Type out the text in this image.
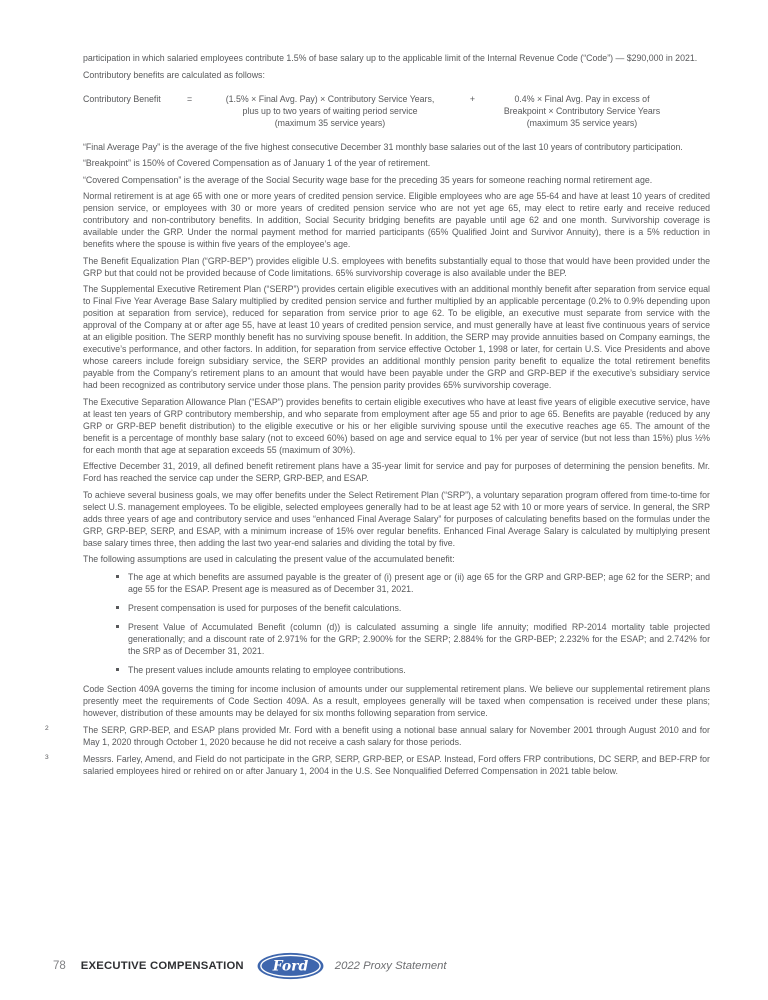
participation in which salaried employees contribute 1.5% of base salary up to the applicable limit of the Internal Revenue Code (“Code”) — $290,000 in 2021.

Contributory benefits are calculated as follows:

Contributory Benefit	=	(1.5% × Final Avg. Pay) × Contributory Service Years,
plus up to two years of waiting period service
(maximum 35 service years)
+	0.4% × Final Avg. Pay in excess of
Breakpoint × Contributory Service Years
(maximum 35 service years)

“Final Average Pay” is the average of the five highest consecutive December 31 monthly base salaries out of the last 10 years of contributory participation.

“Breakpoint” is 150% of Covered Compensation as of January 1 of the year of retirement.

“Covered Compensation” is the average of the Social Security wage base for the preceding 35 years for someone reaching normal retirement age.

Normal retirement is at age 65 with one or more years of credited pension service. Eligible employees who are age 55-64 and have at least 10 years of credited pension service, or employees with 30 or more years of credited pension service who are not yet age 65, may elect to retire early and receive reduced contributory and non-contributory benefits. In addition, Social Security bridging benefits are payable until age 62 and one month. Survivorship coverage is available under the GRP. Under the normal payment method for married participants (65% Qualified Joint and Survivor Annuity), there is a 5% reduction in benefits where the spouse is within five years of the employee’s age.

The Benefit Equalization Plan (“GRP-BEP”) provides eligible U.S. employees with benefits substantially equal to those that would have been provided under the GRP but that could not be provided because of Code limitations. 65% survivorship coverage is also available under the BEP.

The Supplemental Executive Retirement Plan (“SERP”) provides certain eligible executives with an additional monthly benefit after separation from service equal to Final Five Year Average Base Salary multiplied by credited pension service and further multiplied by an applicable percentage (0.2% to 0.9% depending upon position at separation from service), reduced for separation from service prior to age 62. To be eligible, an executive must separate from service with the approval of the Company at or after age 55, have at least 10 years of credited pension service, and must generally have at least five continuous years of service at an eligible position. The SERP monthly benefit has no surviving spouse benefit. In addition, the SERP may provide annuities based on Company earnings, the executive’s performance, and other factors. In addition, for separation from service effective October 1, 1998 or later, for certain U.S. Vice Presidents and above whose careers include foreign subsidiary service, the SERP provides an additional monthly pension parity benefit to equalize the total retirement benefits payable from the Company’s retirement plans to an amount that would have been payable under the GRP and GRP-BEP if the executive’s subsidiary service had been recognized as contributory service under those plans. The pension parity provides 65% survivorship coverage.

The Executive Separation Allowance Plan (“ESAP”) provides benefits to certain eligible executives who have at least five years of eligible executive service, have at least ten years of GRP contributory membership, and who separate from employment after age 55 and prior to age 65. Benefits are payable (reduced by any GRP or GRP-BEP benefit distribution) to the eligible executive or his or her eligible surviving spouse until the executive reaches age 65. The amount of the benefit is a percentage of monthly base salary (not to exceed 60%) based on age and service equal to 1% per year of service (but not less than 15%) plus ½% for each month that age at separation exceeds 55 (maximum of 30%).

Effective December 31, 2019, all defined benefit retirement plans have a 35-year limit for service and pay for purposes of determining the pension benefits. Mr. Ford has reached the service cap under the SERP, GRP-BEP, and ESAP.

To achieve several business goals, we may offer benefits under the Select Retirement Plan (“SRP”), a voluntary separation program offered from time-to-time for select U.S. management employees. To be eligible, selected employees generally had to be at least age 52 with 10 or more years of service. In general, the SRP adds three years of age and contributory service and uses “enhanced Final Average Salary” for purposes of calculating benefits based on the formulas under the GRP, GRP-BEP, SERP, and ESAP, with a minimum increase of 15% over regular benefits. Enhanced Final Average Salary is calculated by multiplying present base salary times three, then adding the last two year-end salaries and dividing the total by five.

The following assumptions are used in calculating the present value of the accumulated benefit:

The age at which benefits are assumed payable is the greater of (i) present age or (ii) age 65 for the GRP and GRP-BEP; age 62 for the SERP; and age 55 for the ESAP. Present age is measured as of December 31, 2021.
Present compensation is used for purposes of the benefit calculations.
Present Value of Accumulated Benefit (column (d)) is calculated assuming a single life annuity; modified RP-2014 mortality table projected generationally; and a discount rate of 2.971% for the GRP; 2.900% for the SERP; 2.884% for the GRP-BEP; 2.232% for the ESAP; and 2.742% for the SRP as of December 31, 2021.
The present values include amounts relating to employee contributions.

Code Section 409A governs the timing for income inclusion of amounts under our supplemental retirement plans. We believe our supplemental retirement plans presently meet the requirements of Code Section 409A. As a result, employees generally will be taxed when compensation is received under these plans; however, distribution of these amounts may be delayed for six months following separation from service.

2	The SERP, GRP-BEP, and ESAP plans provided Mr. Ford with a benefit using a notional base annual salary for November 2001 through August 2010 and for May 1, 2020 through October 1, 2020 because he did not receive a cash salary for those periods.
3	Messrs. Farley, Amend, and Field do not participate in the GRP, SERP, GRP-BEP, or ESAP. Instead, Ford offers FRP contributions, DC SERP, and BEP-FRP for salaried employees hired or rehired on or after January 1, 2004 in the U.S. See Nonqualified Deferred Compensation in 2021 table below.
78 EXECUTIVE COMPENSATION Ford 2022 Proxy Statement
